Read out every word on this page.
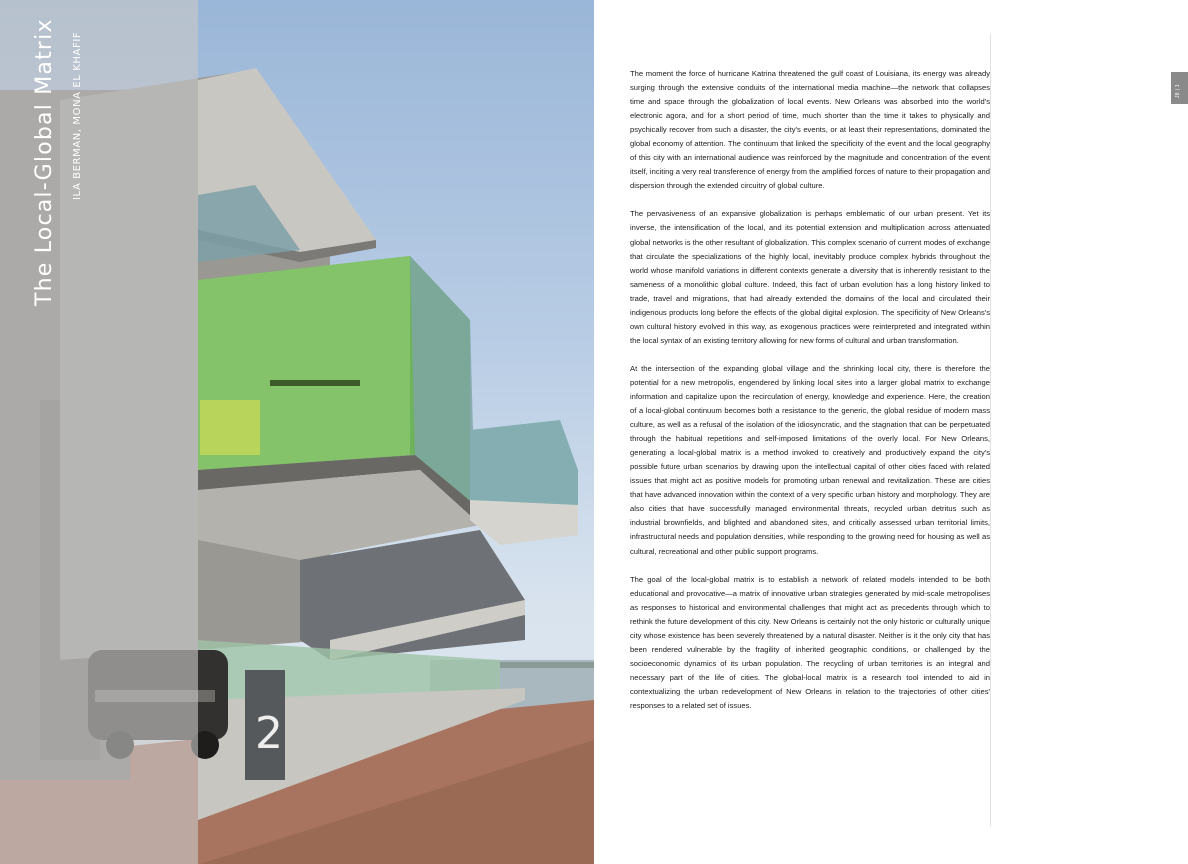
2
The Local-Global Matrix ILA BERMAN, MONA EL KHAFIF	The moment the force of hurricane Katrina threatened the gulf coast of Louisiana, its energy was already surging through the extensive conduits of the international media machine—the network that collapses time and space through the globalization of local events. New Orleans was absorbed into the world's electronic agora, and for a short period of time, much shorter than the time it takes to physically and psychically recover from such a disaster, the city's events, or at least their representations, dominated the global economy of attention. The continuum that linked the specificity of the event and the local geography of this city with an international audience was reinforced by the magnitude and concentration of the event itself, inciting a very real transference of energy from the amplified forces of nature to their propagation and dispersion through the extended circuitry of global culture.

The pervasiveness of an expansive globalization is perhaps emblematic of our urban present. Yet its inverse, the intensification of the local, and its potential extension and multiplication across attenuated global networks is the other resultant of globalization. This complex scenario of current modes of exchange that circulate the specializations of the highly local, inevitably produce complex hybrids throughout the world whose manifold variations in different contexts generate a diversity that is inherently resistant to the sameness of a monolithic global culture. Indeed, this fact of urban evolution has a long history linked to trade, travel and migrations, that had already extended the domains of the local and circulated their indigenous products long before the effects of the global digital explosion. The specificity of New Orleans's own cultural history evolved in this way, as exogenous practices were reinterpreted and integrated within the local syntax of an existing territory allowing for new forms of cultural and urban transformation.

At the intersection of the expanding global village and the shrinking local city, there is therefore the potential for a new metropolis, engendered by linking local sites into a larger global matrix to exchange information and capitalize upon the recirculation of energy, knowledge and experience. Here, the creation of a local-global continuum becomes both a resistance to the generic, the global residue of modern mass culture, as well as a refusal of the isolation of the idiosyncratic, and the stagnation that can be perpetuated through the habitual repetitions and self-imposed limitations of the overly local. For New Orleans, generating a local-global matrix is a method invoked to creatively and productively expand the city's possible future urban scenarios by drawing upon the intellectual capital of other cities faced with related issues that might act as positive models for promoting urban renewal and revitalization. These are cities that have advanced innovation within the context of a very specific urban history and morphology. They are also cities that have successfully managed environmental threats, recycled urban detritus such as industrial brownfields, and blighted and abandoned sites, and critically assessed urban territorial limits, infrastructural needs and population densities, while responding to the growing need for housing as well as cultural, recreational and other public support programs.

The goal of the local-global matrix is to establish a network of related models intended to be both educational and provocative—a matrix of innovative urban strategies generated by mid-scale metropolises as responses to historical and environmental challenges that might act as precedents through which to rethink the future development of this city. New Orleans is certainly not the only historic or culturally unique city whose existence has been severely threatened by a natural disaster. Neither is it the only city that has been rendered vulnerable by the fragility of inherited geographic conditions, or challenged by the socioeconomic dynamics of its urban population. The recycling of urban territories is an integral and necessary part of the life of cities. The global-local matrix is a research tool intended to aid in contextualizing the urban redevelopment of New Orleans in relation to the trajectories of other cities' responses to a related set of issues.

J8 | 1
